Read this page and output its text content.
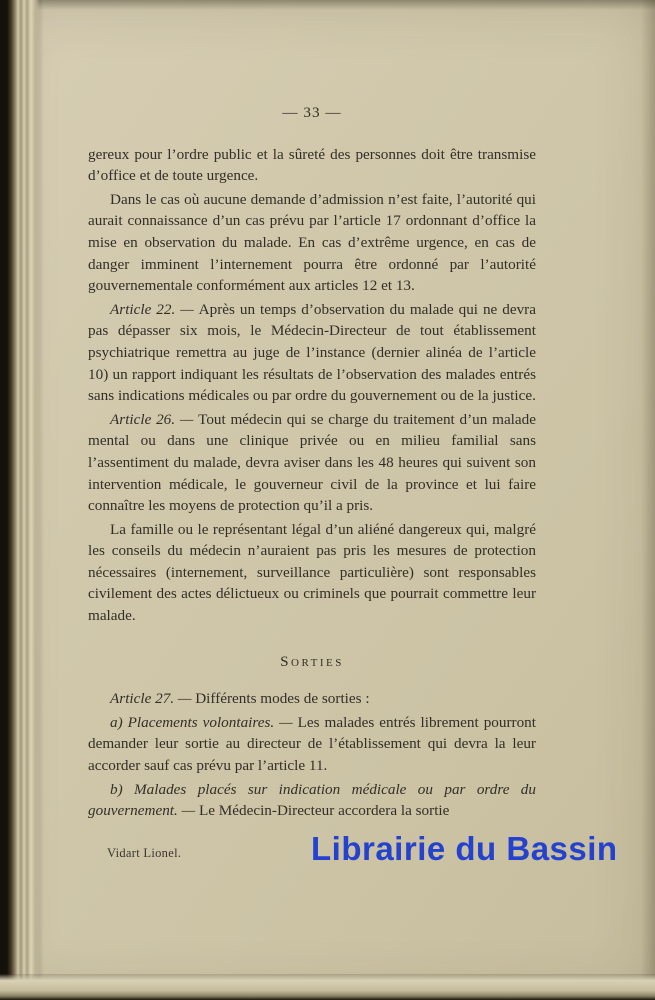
— 33 —

gereux pour l’ordre public et la sûreté des personnes doit être transmise d’office et de toute urgence.

Dans le cas où aucune demande d’admission n’est faite, l’autorité qui aurait connaissance d’un cas prévu par l’article 17 ordonnant d’office la mise en observation du malade. En cas d’extrême urgence, en cas de danger imminent l’internement pourra être ordonné par l’autorité gouvernementale conformément aux articles 12 et 13.

Article 22. — Après un temps d’observation du malade qui ne devra pas dépasser six mois, le Médecin-Directeur de tout établissement psychiatrique remettra au juge de l’instance (dernier alinéa de l’article 10) un rapport indiquant les résultats de l’observation des malades entrés sans indications médicales ou par ordre du gouvernement ou de la justice.

Article 26. — Tout médecin qui se charge du traitement d’un malade mental ou dans une clinique privée ou en milieu familial sans l’assentiment du malade, devra aviser dans les 48 heures qui suivent son intervention médicale, le gouverneur civil de la province et lui faire connaître les moyens de protection qu’il a pris.

La famille ou le représentant légal d’un aliéné dangereux qui, malgré les conseils du médecin n’auraient pas pris les mesures de protection nécessaires (internement, surveillance particulière) sont responsables civilement des actes délictueux ou criminels que pourrait commettre leur malade.

Sorties

Article 27. — Différents modes de sorties :

a) Placements volontaires. — Les malades entrés librement pourront demander leur sortie au directeur de l’établissement qui devra la leur accorder sauf cas prévu par l’article 11.

b) Malades placés sur indication médicale ou par ordre du gouvernement. — Le Médecin-Directeur accordera la sortie

Vidart Lionel.	Librairie du Bassin
